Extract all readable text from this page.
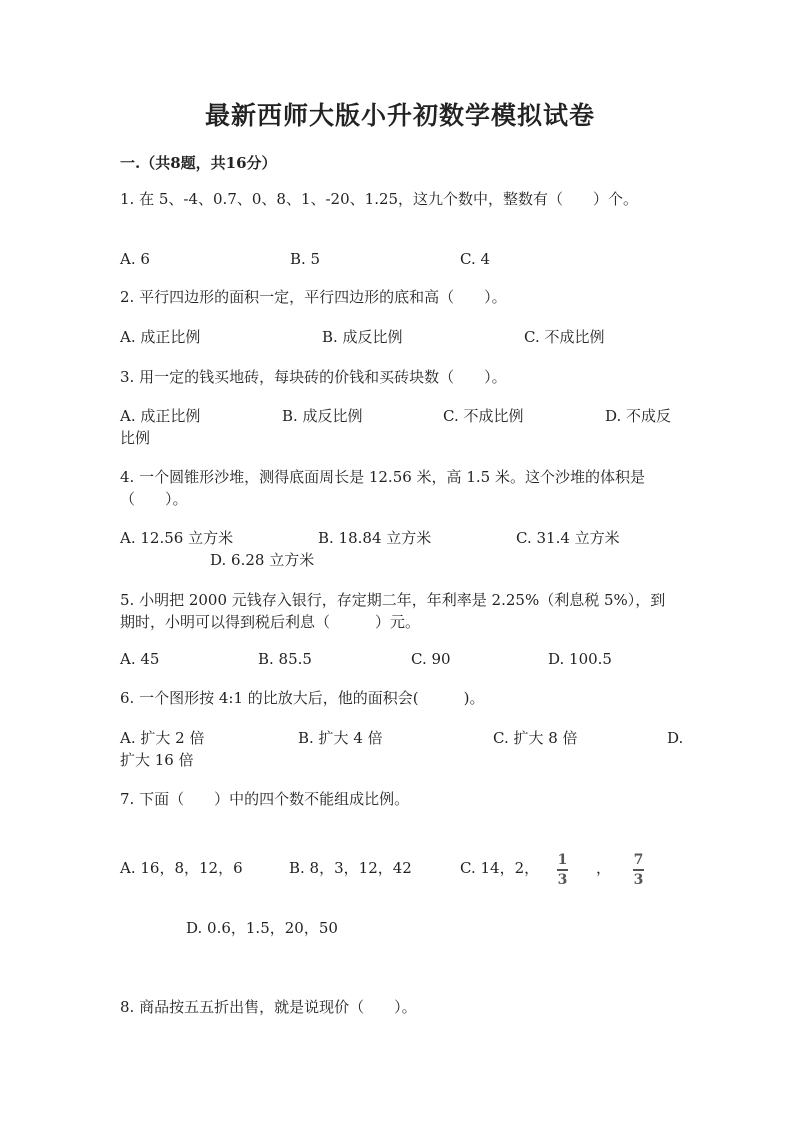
最新西师大版小升初数学模拟试卷
一.（共8题，共16分）
1. 在 5、-4、0.7、0、8、1、-20、1.25，这九个数中，整数有（　　）个。
A. 6	B. 5	C. 4
2. 平行四边形的面积一定，平行四边形的底和高（　　）。
A. 成正比例	B. 成反比例	C. 不成比例
3. 用一定的钱买地砖，每块砖的价钱和买砖块数（　　）。
A. 成正比例	B. 成反比例	C. 不成比例	D. 不成反
比例
4. 一个圆锥形沙堆，测得底面周长是 12.56 米，高 1.5 米。这个沙堆的体积是
（　　）。
A. 12.56 立方米	B. 18.84 立方米	C. 31.4 立方米
D. 6.28 立方米
5. 小明把 2000 元钱存入银行，存定期二年，年利率是 2.25%（利息税 5%），到
期时，小明可以得到税后利息（　　　）元。
A. 45	B. 85.5	C. 90	D. 100.5
6. 一个图形按 4:1 的比放大后，他的面积会(　　　)。
A. 扩大 2 倍	B. 扩大 4 倍	C. 扩大 8 倍	D.
扩大 16 倍
7. 下面（　　）中的四个数不能组成比例。
A. 16，8，12，6	B. 8，3，12，42	C. 14，2， 1
3
， 7
3
D. 0.6，1.5，20，50
8. 商品按五五折出售，就是说现价（　　）。
